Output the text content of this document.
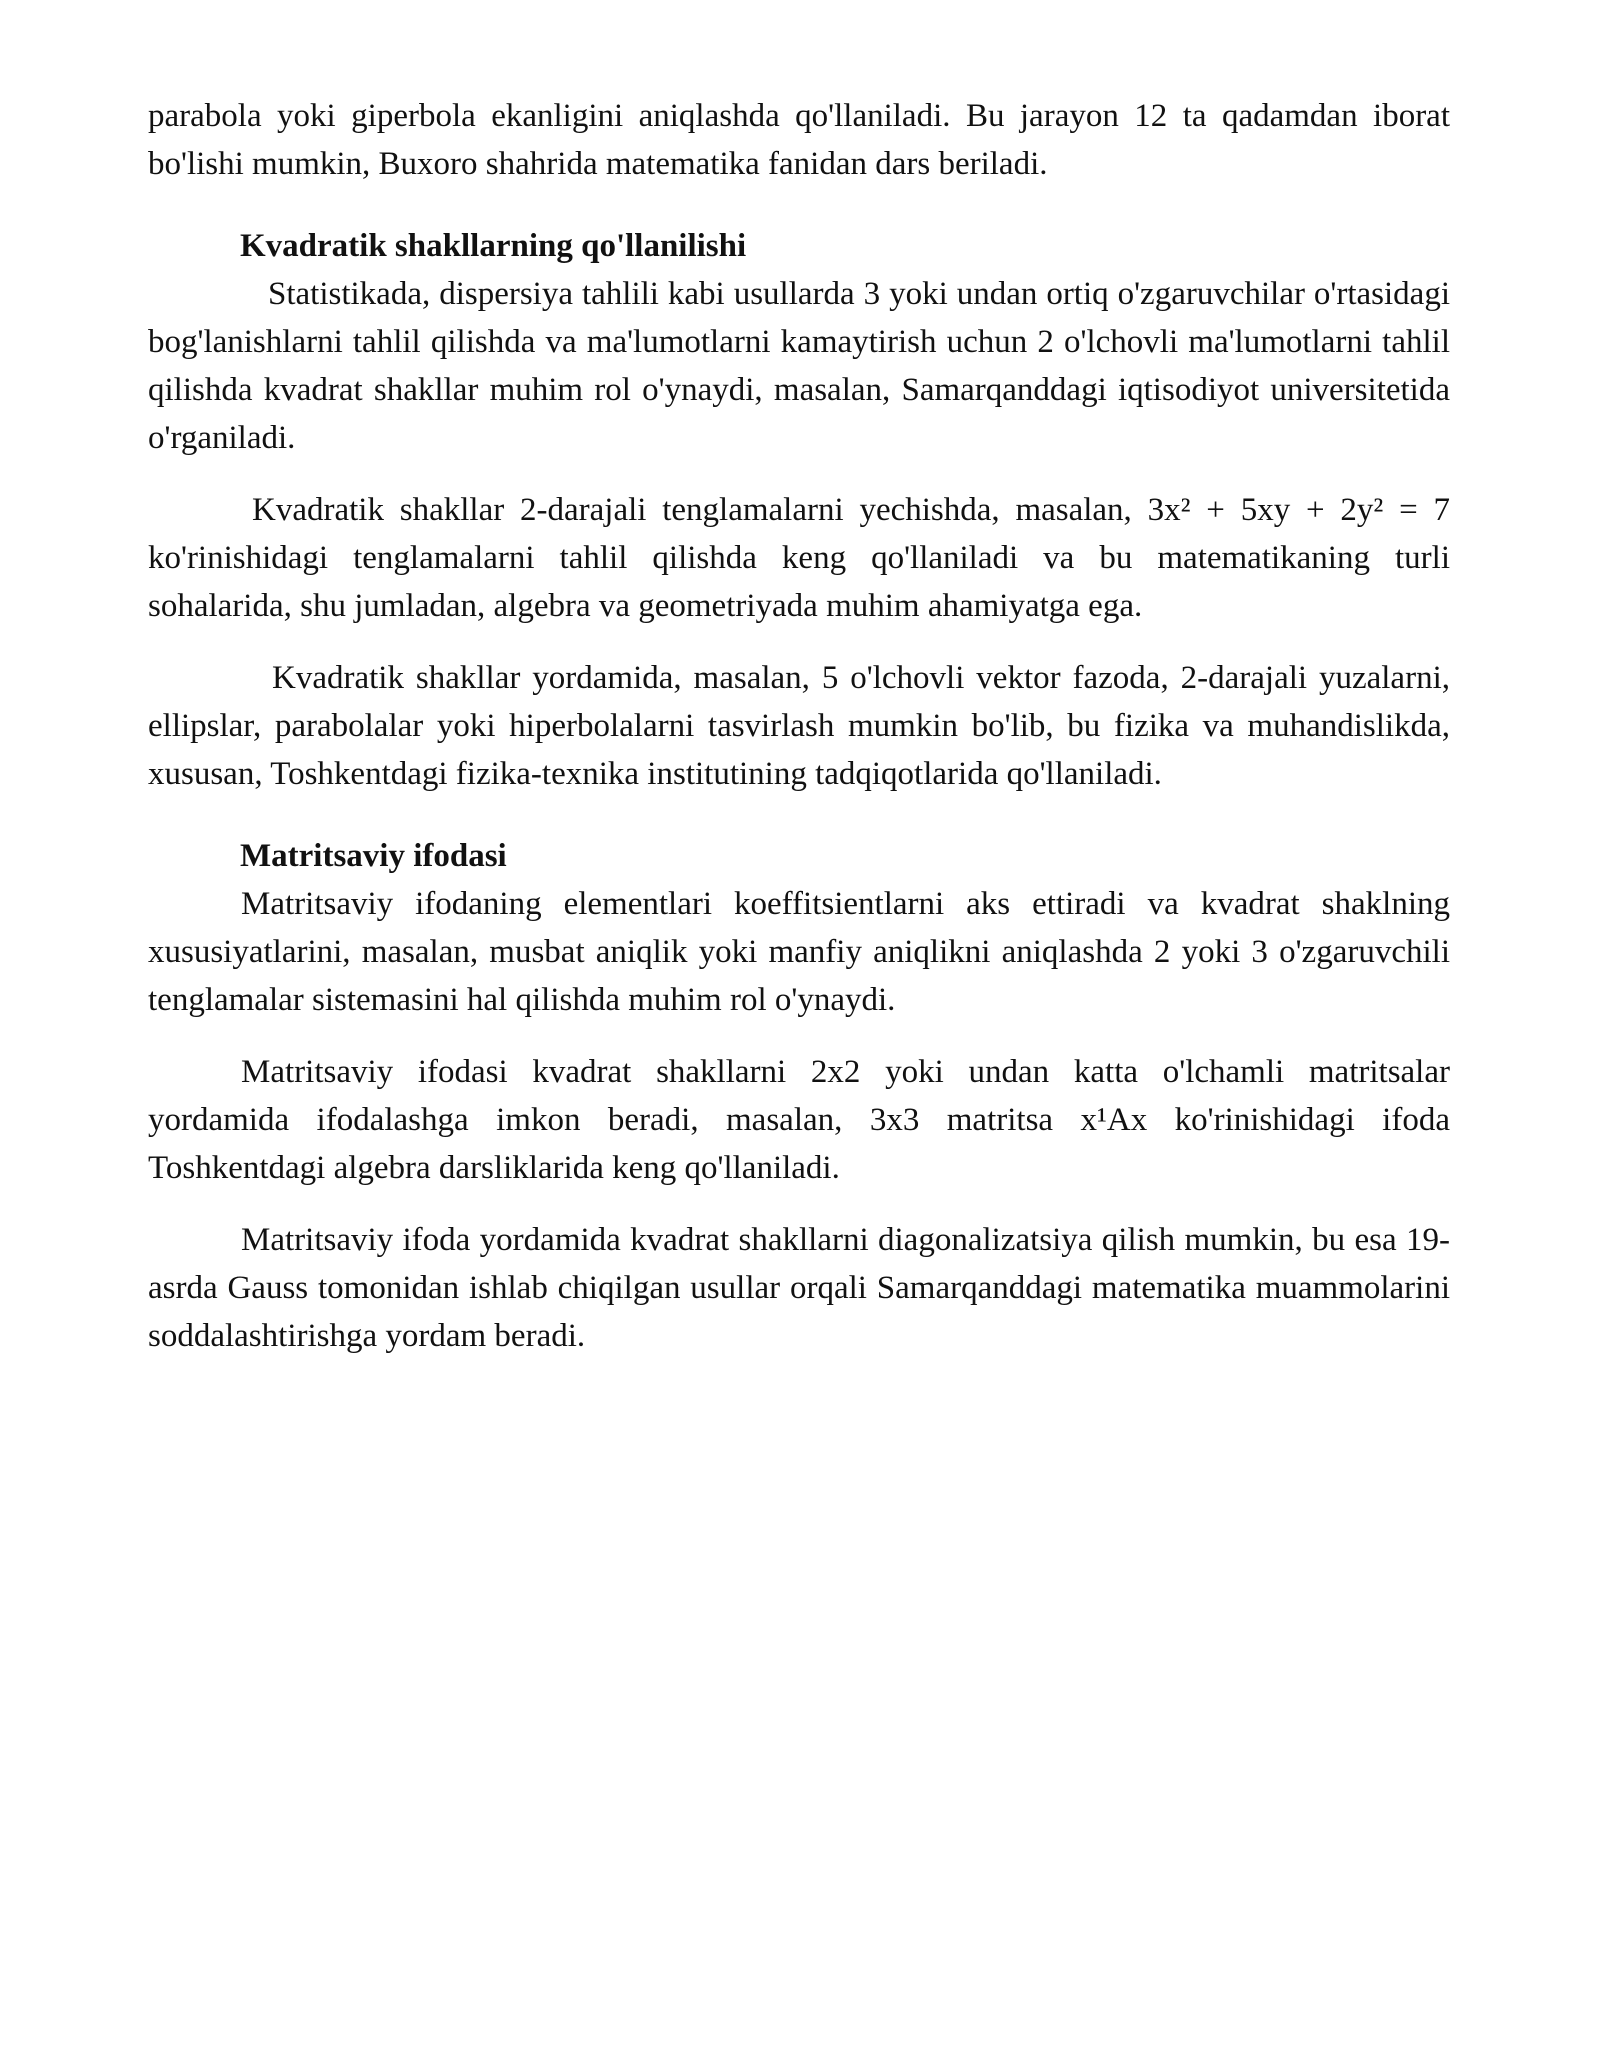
parabola yoki giperbola ekanligini aniqlashda qo'llaniladi. Bu jarayon 12 ta qadamdan iborat bo'lishi mumkin, Buxoro shahrida matematika fanidan dars beriladi.

Kvadratik shakllarning qo'llanilishi

Statistikada, dispersiya tahlili kabi usullarda 3 yoki undan ortiq o'zgaruvchilar o'rtasidagi bog'lanishlarni tahlil qilishda va ma'lumotlarni kamaytirish uchun 2 o'lchovli ma'lumotlarni tahlil qilishda kvadrat shakllar muhim rol o'ynaydi, masalan, Samarqanddagi iqtisodiyot universitetida o'rganiladi.

Kvadratik shakllar 2-darajali tenglamalarni yechishda, masalan, 3x² + 5xy + 2y² = 7 ko'rinishidagi tenglamalarni tahlil qilishda keng qo'llaniladi va bu matematikaning turli sohalarida, shu jumladan, algebra va geometriyada muhim ahamiyatga ega.

Kvadratik shakllar yordamida, masalan, 5 o'lchovli vektor fazoda, 2-darajali yuzalarni, ellipslar, parabolalar yoki hiperbolalarni tasvirlash mumkin bo'lib, bu fizika va muhandislikda, xususan, Toshkentdagi fizika-texnika institutining tadqiqotlarida qo'llaniladi.

Matritsaviy ifodasi

Matritsaviy ifodaning elementlari koeffitsientlarni aks ettiradi va kvadrat shaklning xususiyatlarini, masalan, musbat aniqlik yoki manfiy aniqlikni aniqlashda 2 yoki 3 o'zgaruvchili tenglamalar sistemasini hal qilishda muhim rol o'ynaydi.

Matritsaviy ifodasi kvadrat shakllarni 2x2 yoki undan katta o'lchamli matritsalar yordamida ifodalashga imkon beradi, masalan, 3x3 matritsa x¹Ax ko'rinishidagi ifoda Toshkentdagi algebra darsliklarida keng qo'llaniladi.

Matritsaviy ifoda yordamida kvadrat shakllarni diagonalizatsiya qilish mumkin, bu esa 19-asrda Gauss tomonidan ishlab chiqilgan usullar orqali Samarqanddagi matematika muammolarini soddalashtirishga yordam beradi.
